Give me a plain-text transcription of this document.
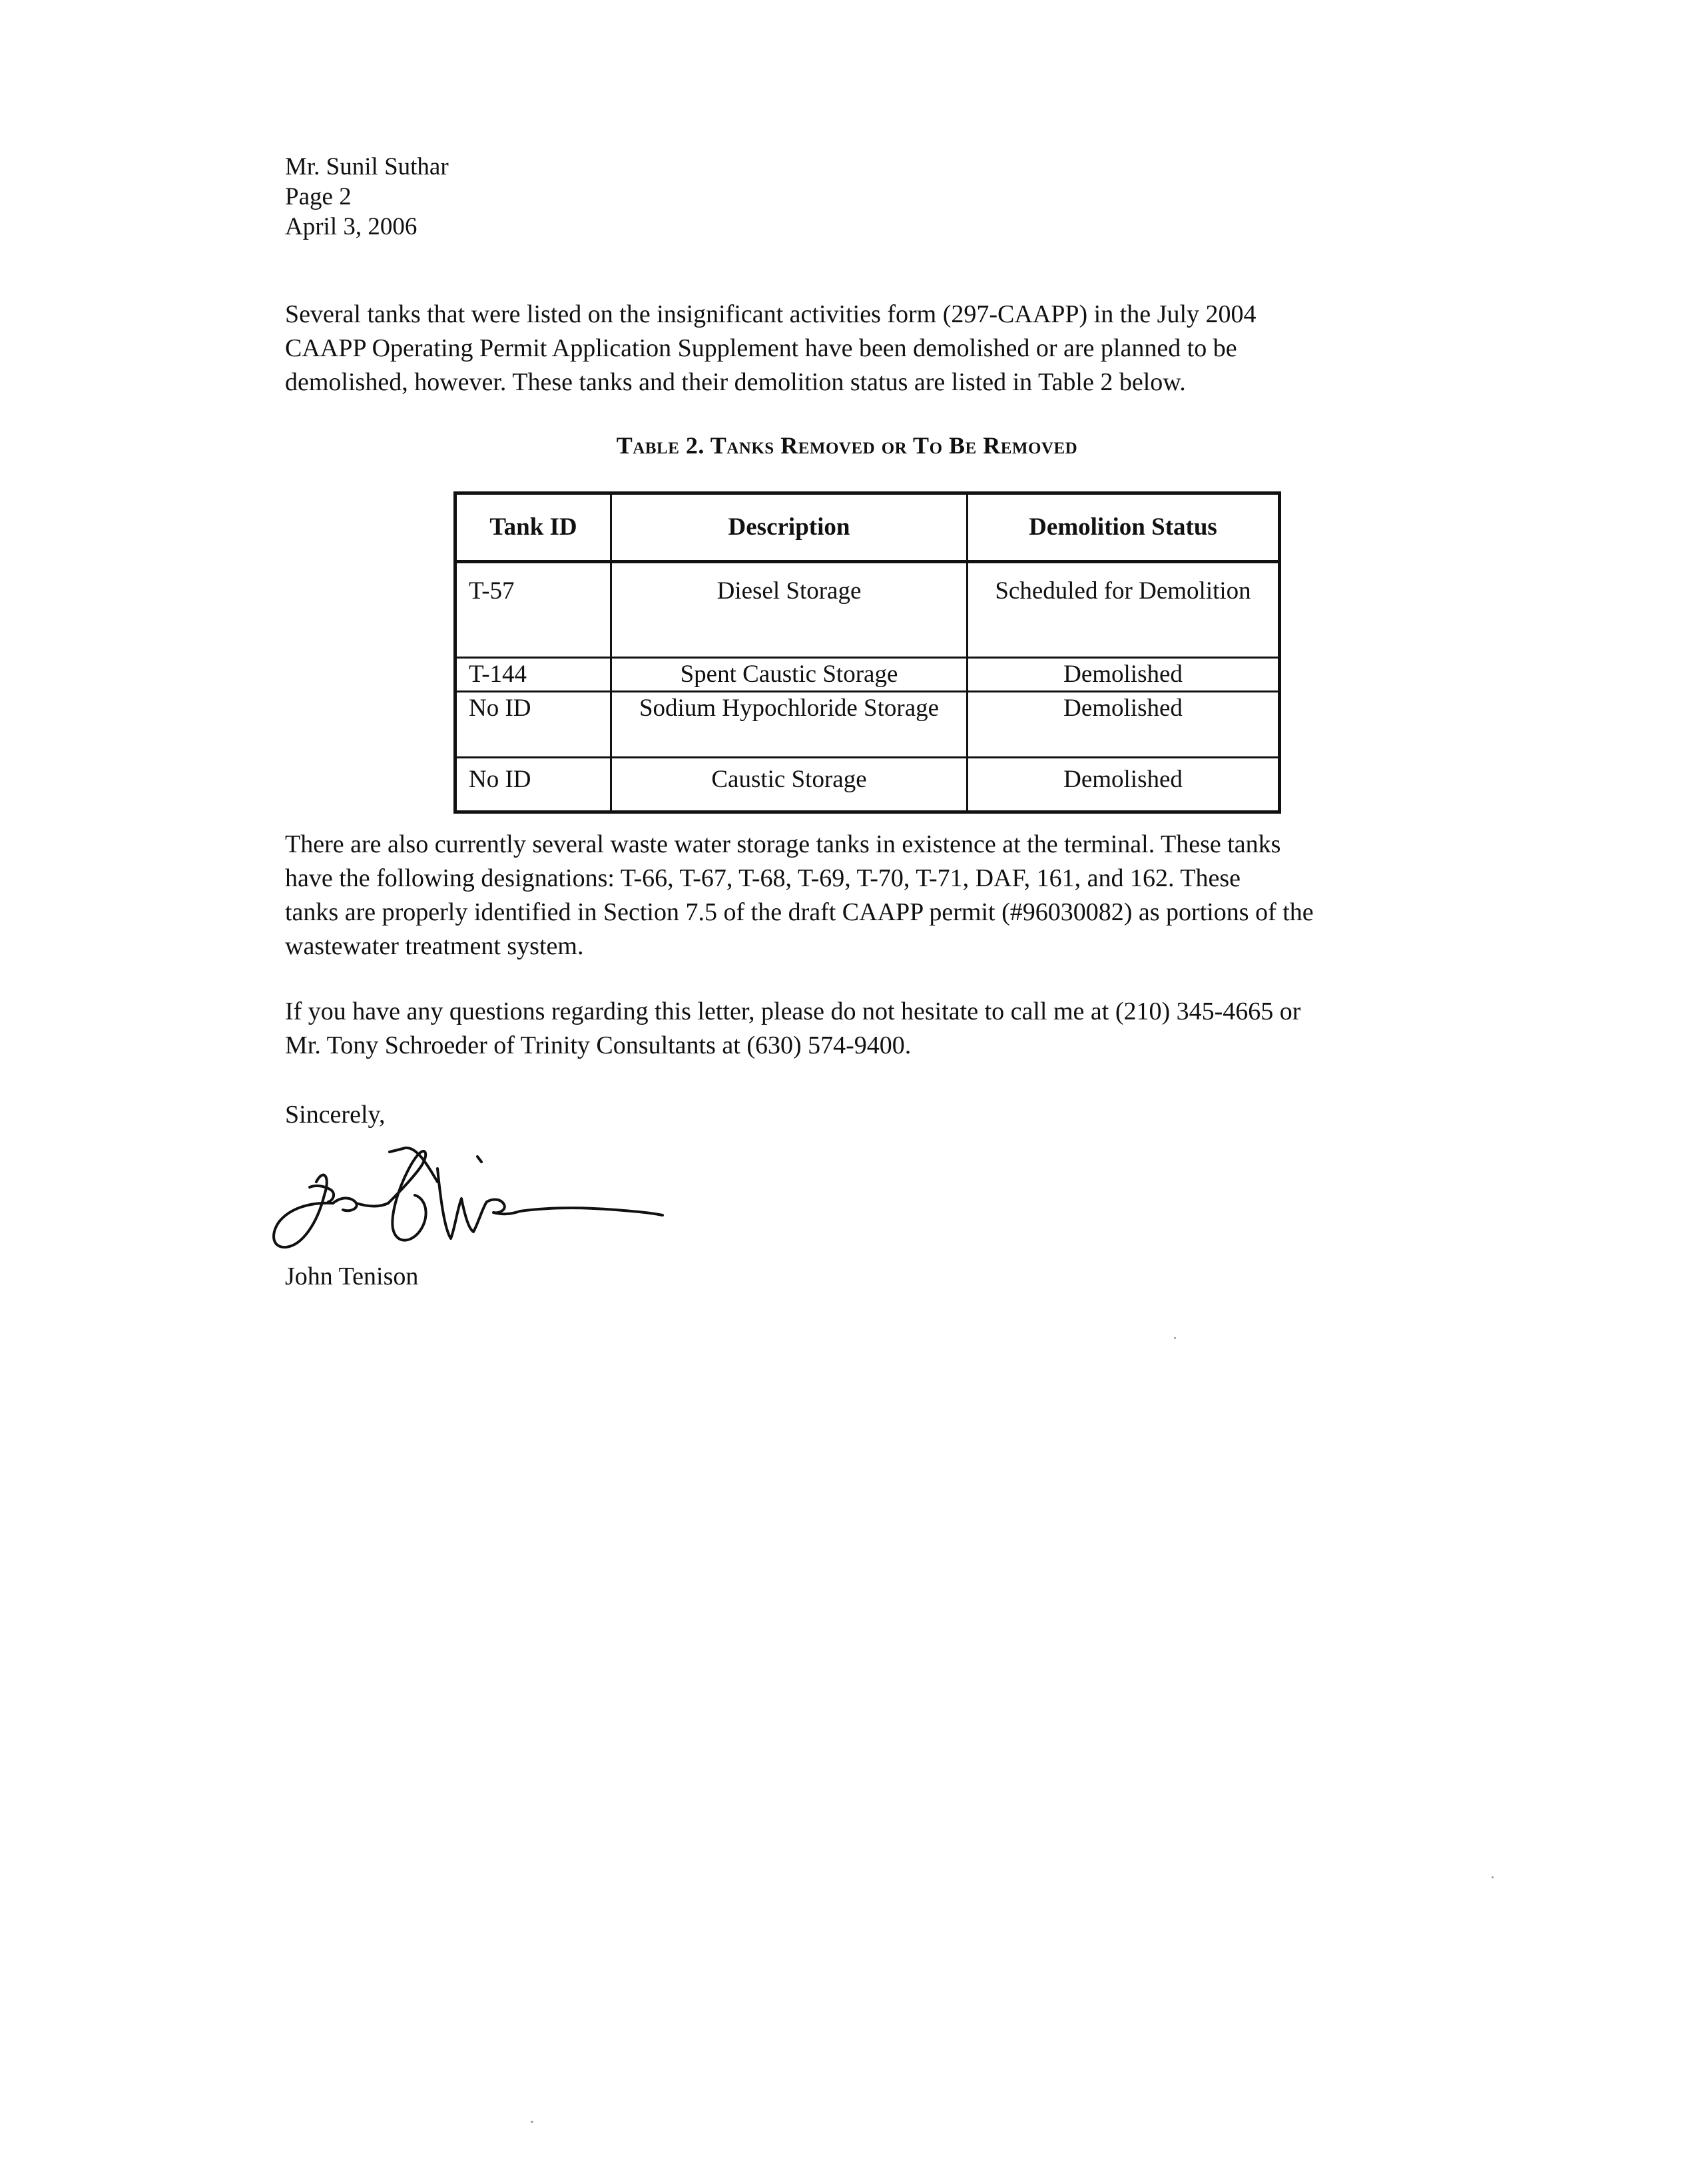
Mr. Sunil Suthar
Page 2
April 3, 2006
Several tanks that were listed on the insignificant activities form (297-CAAPP) in the July 2004
CAAPP Operating Permit Application Supplement have been demolished or are planned to be
demolished, however. These tanks and their demolition status are listed in Table 2 below.
Table 2. Tanks Removed or To Be Removed
Tank ID	Description	Demolition Status
T-57	Diesel Storage	Scheduled for Demolition
T-144	Spent Caustic Storage	Demolished
No ID	Sodium Hypochloride Storage	Demolished
No ID	Caustic Storage	Demolished
There are also currently several waste water storage tanks in existence at the terminal. These tanks
have the following designations: T-66, T-67, T-68, T-69, T-70, T-71, DAF, 161, and 162. These
tanks are properly identified in Section 7.5 of the draft CAAPP permit (#96030082) as portions of the
wastewater treatment system.
If you have any questions regarding this letter, please do not hesitate to call me at (210) 345-4665 or
Mr. Tony Schroeder of Trinity Consultants at (630) 574-9400.
Sincerely,
John Tenison
